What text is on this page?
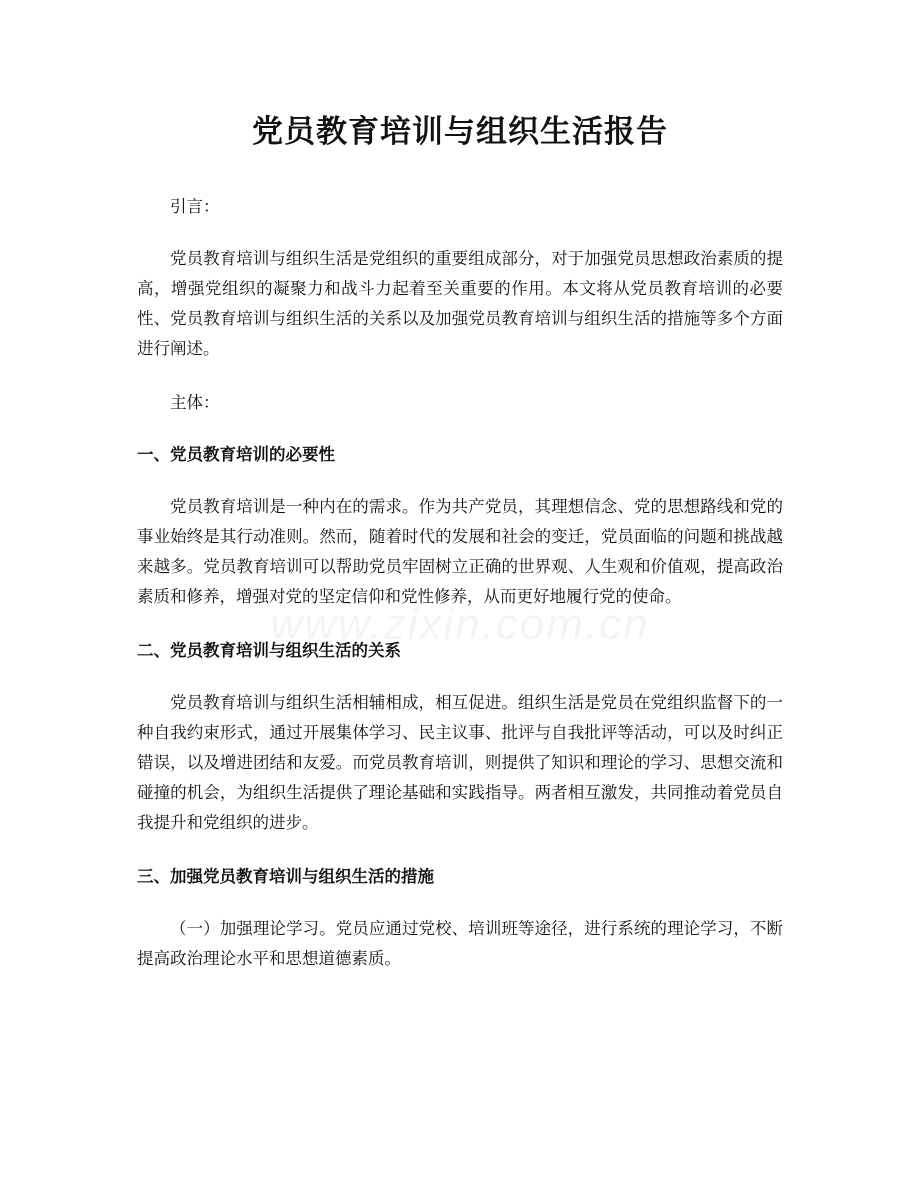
党员教育培训与组织生活报告

引言：

党员教育培训与组织生活是党组织的重要组成部分，对于加强党员思想政治素质的提高，增强党组织的凝聚力和战斗力起着至关重要的作用。本文将从党员教育培训的必要性、党员教育培训与组织生活的关系以及加强党员教育培训与组织生活的措施等多个方面进行阐述。

主体：

一、党员教育培训的必要性

党员教育培训是一种内在的需求。作为共产党员，其理想信念、党的思想路线和党的事业始终是其行动准则。然而，随着时代的发展和社会的变迁，党员面临的问题和挑战越来越多。党员教育培训可以帮助党员牢固树立正确的世界观、人生观和价值观，提高政治素质和修养，增强对党的坚定信仰和党性修养，从而更好地履行党的使命。

二、党员教育培训与组织生活的关系

党员教育培训与组织生活相辅相成，相互促进。组织生活是党员在党组织监督下的一种自我约束形式，通过开展集体学习、民主议事、批评与自我批评等活动，可以及时纠正错误，以及增进团结和友爱。而党员教育培训，则提供了知识和理论的学习、思想交流和碰撞的机会，为组织生活提供了理论基础和实践指导。两者相互激发，共同推动着党员自我提升和党组织的进步。

三、加强党员教育培训与组织生活的措施

（一）加强理论学习。党员应通过党校、培训班等途径，进行系统的理论学习，不断提高政治理论水平和思想道德素质。

www.zixin.com.cn
